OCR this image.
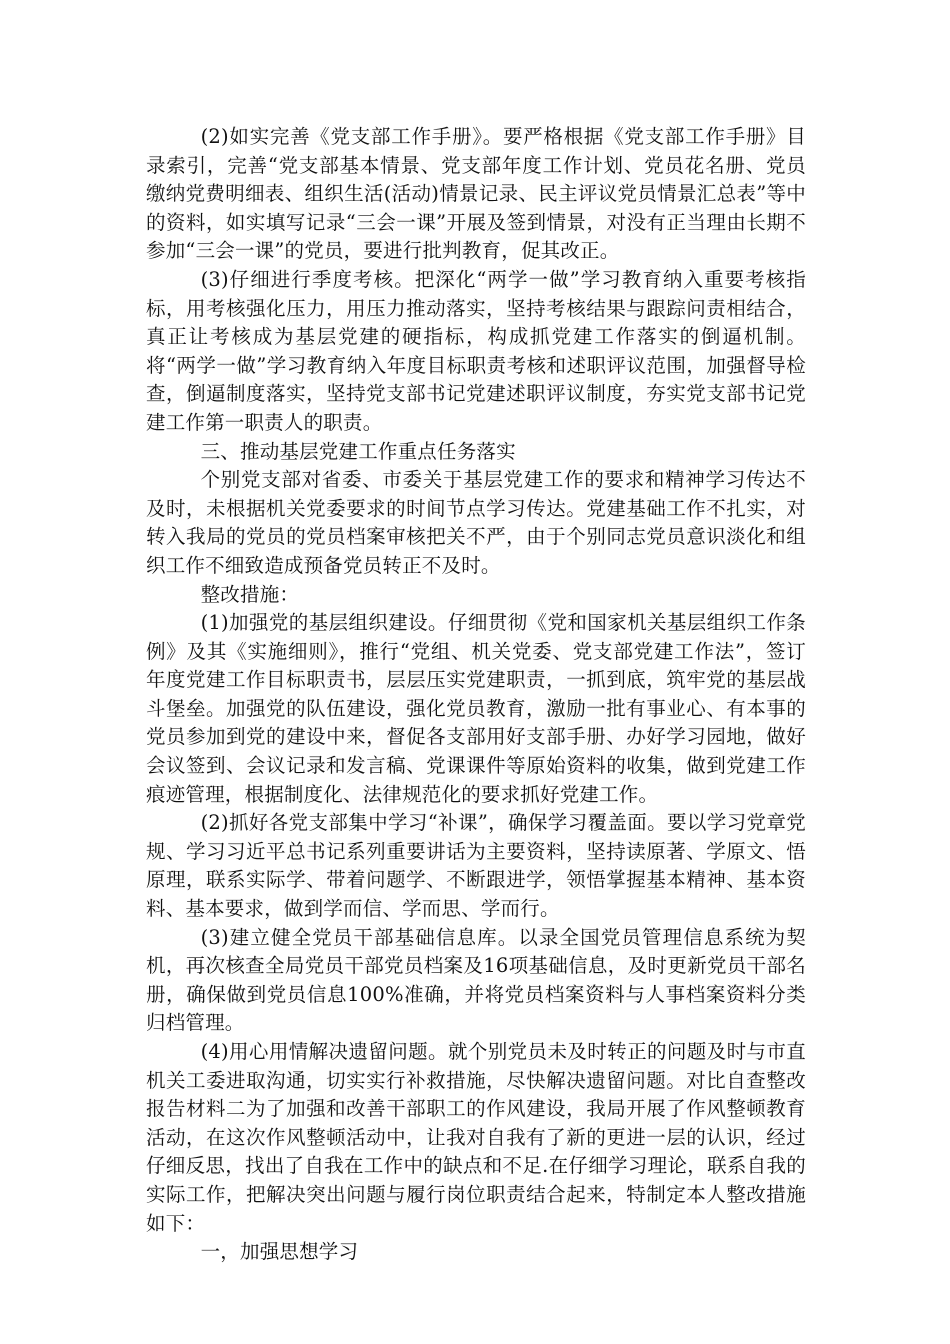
(2)如实完善《党支部工作手册》。要严格根据《党支部工作手册》目录索引，完善“党支部基本情景、党支部年度工作计划、党员花名册、党员缴纳党费明细表、组织生活(活动)情景记录、民主评议党员情景汇总表”等中的资料，如实填写记录“三会一课”开展及签到情景，对没有正当理由长期不参加“三会一课”的党员，要进行批判教育，促其改正。

(3)仔细进行季度考核。把深化“两学一做”学习教育纳入重要考核指标，用考核强化压力，用压力推动落实，坚持考核结果与跟踪问责相结合，真正让考核成为基层党建的硬指标，构成抓党建工作落实的倒逼机制。将“两学一做”学习教育纳入年度目标职责考核和述职评议范围，加强督导检查，倒逼制度落实，坚持党支部书记党建述职评议制度，夯实党支部书记党建工作第一职责人的职责。

三、推动基层党建工作重点任务落实

个别党支部对省委、市委关于基层党建工作的要求和精神学习传达不及时，未根据机关党委要求的时间节点学习传达。党建基础工作不扎实，对转入我局的党员的党员档案审核把关不严，由于个别同志党员意识淡化和组织工作不细致造成预备党员转正不及时。

整改措施：

(1)加强党的基层组织建设。仔细贯彻《党和国家机关基层组织工作条例》及其《实施细则》，推行“党组、机关党委、党支部党建工作法”，签订年度党建工作目标职责书，层层压实党建职责，一抓到底，筑牢党的基层战斗堡垒。加强党的队伍建设，强化党员教育，激励一批有事业心、有本事的党员参加到党的建设中来，督促各支部用好支部手册、办好学习园地，做好会议签到、会议记录和发言稿、党课课件等原始资料的收集，做到党建工作痕迹管理，根据制度化、法律规范化的要求抓好党建工作。

(2)抓好各党支部集中学习“补课”，确保学习覆盖面。要以学习党章党规、学习习近平总书记系列重要讲话为主要资料，坚持读原著、学原文、悟原理，联系实际学、带着问题学、不断跟进学，领悟掌握基本精神、基本资料、基本要求，做到学而信、学而思、学而行。

(3)建立健全党员干部基础信息库。以录全国党员管理信息系统为契机，再次核查全局党员干部党员档案及16项基础信息，及时更新党员干部名册，确保做到党员信息100%准确，并将党员档案资料与人事档案资料分类归档管理。

(4)用心用情解决遗留问题。就个别党员未及时转正的问题及时与市直机关工委进取沟通，切实实行补救措施，尽快解决遗留问题。对比自查整改报告材料二为了加强和改善干部职工的作风建设，我局开展了作风整顿教育活动，在这次作风整顿活动中，让我对自我有了新的更进一层的认识，经过仔细反思，找出了自我在工作中的缺点和不足.在仔细学习理论，联系自我的实际工作，把解决突出问题与履行岗位职责结合起来，特制定本人整改措施如下：

一，加强思想学习
